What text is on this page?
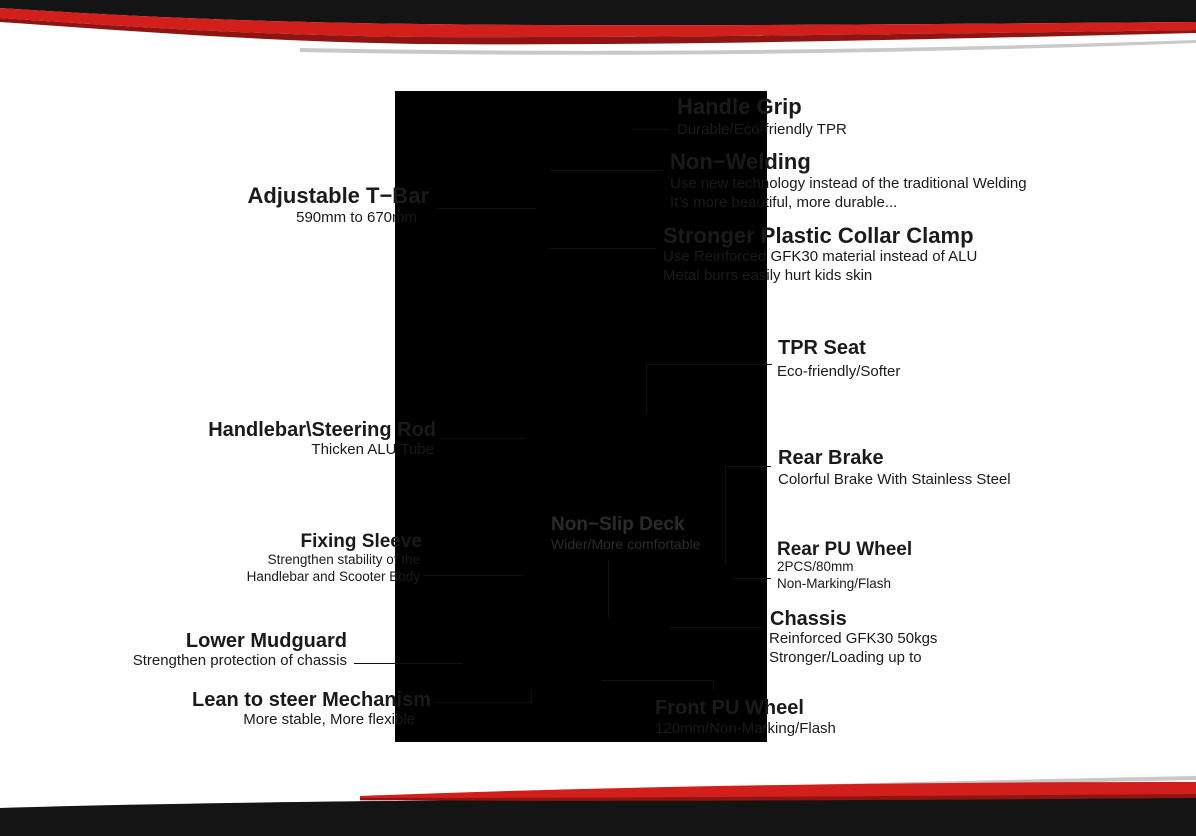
Handle Grip
Durable/Eco-friendly TPR
Non−Welding
Use new technology instead of the traditional Welding
It’s more beautiful, more durable...
Stronger Plastic Collar Clamp
Use Reinforced GFK30 material instead of ALU
Metal burrs easily hurt kids skin
TPR Seat
Eco-friendly/Softer
Rear Brake
Colorful Brake With Stainless Steel
Non−Slip Deck
Wider/More comfortable	Rear PU Wheel
2PCS/80mm
Non-Marking/Flash
Chassis
Reinforced GFK30 50kgs
Stronger/Loading up to
Front PU Wheel
120mm/Non-Marking/Flash
Adjustable T−Bar
590mm to 670mm
Handlebar\Steering Rod
Thicken ALU Tube
Fixing Sleeve
Strengthen stability of the
Handlebar and Scooter Body
Lower Mudguard
Strengthen protection of chassis
Lean to steer Mechanism
More stable, More flexible
